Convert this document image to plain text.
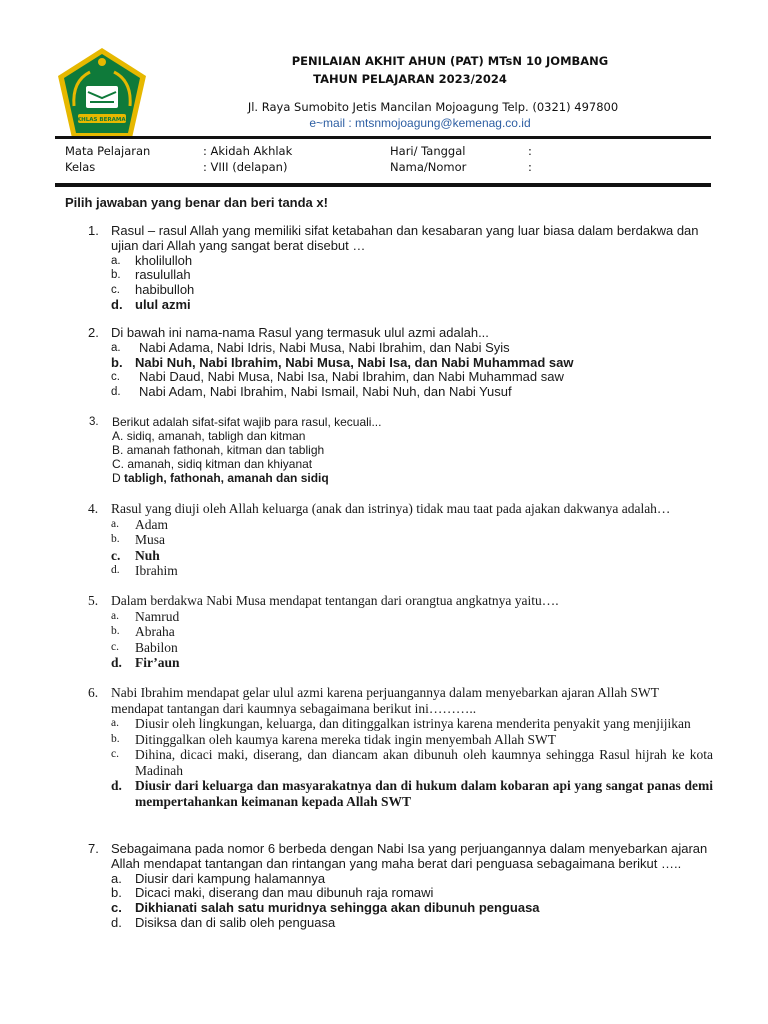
IKHLAS BERAMAL
PENILAIAN AKHIT AHUN (PAT) MTsN 10 JOMBANG
TAHUN PELAJARAN 2023/2024
Jl. Raya Sumobito Jetis Mancilan Mojoagung Telp. (0321) 497800
e~mail : mtsnmojoagung@kemenag.co.id
Mata Pelajaran	: Akidah Akhlak	Hari/ Tanggal	:
Kelas	: VIII (delapan)	Nama/Nomor	:
Pilih jawaban yang benar dan beri tanda x!
1. Rasul – rasul Allah yang memiliki sifat ketabahan dan kesabaran yang luar biasa dalam berdakwa dan ujian dari Allah yang sangat berat disebut …
a. kholilulloh
b. rasulullah
c. habibulloh
d. ulul azmi
2. Di bawah ini nama-nama Rasul yang termasuk ulul azmi adalah...
a. Nabi Adama, Nabi Idris, Nabi Musa, Nabi Ibrahim, dan Nabi Syis
b. Nabi Nuh, Nabi Ibrahim, Nabi Musa, Nabi Isa, dan Nabi Muhammad saw
c. Nabi Daud, Nabi Musa, Nabi Isa, Nabi Ibrahim, dan Nabi Muhammad saw
d. Nabi Adam, Nabi Ibrahim, Nabi Ismail, Nabi Nuh, dan Nabi Yusuf
3. Berikut adalah sifat-sifat wajib para rasul, kecuali...
A. sidiq, amanah, tabligh dan kitman
B. amanah fathonah, kitman dan tabligh
C. amanah, sidiq kitman dan khiyanat
D tabligh, fathonah, amanah dan sidiq
4. Rasul yang diuji oleh Allah keluarga (anak dan istrinya) tidak mau taat pada ajakan dakwanya adalah…
a. Adam
b. Musa
c. Nuh
d. Ibrahim
5. Dalam berdakwa Nabi Musa mendapat tentangan dari orangtua angkatnya yaitu….
a. Namrud
b. Abraha
c. Babilon
d. Fir’aun
6. Nabi Ibrahim mendapat gelar ulul azmi karena perjuangannya dalam menyebarkan ajaran Allah SWT mendapat tantangan dari kaumnya sebagaimana berikut ini………..
a. Diusir oleh lingkungan, keluarga, dan ditinggalkan istrinya karena menderita penyakit yang menjijikan
b. Ditinggalkan oleh kaumya karena mereka tidak ingin menyembah Allah SWT
c. Dihina, dicaci maki, diserang, dan diancam akan dibunuh oleh kaumnya sehingga Rasul hijrah ke kota Madinah
d. Diusir dari keluarga dan masyarakatnya dan di hukum dalam kobaran api yang sangat panas demi mempertahankan keimanan kepada Allah SWT
7. Sebagaimana pada nomor 6 berbeda dengan Nabi Isa yang perjuangannya dalam menyebarkan ajaran Allah mendapat tantangan dan rintangan yang maha berat dari penguasa sebagaimana berikut …..
a. Diusir dari kampung halamannya
b. Dicaci maki, diserang dan mau dibunuh raja romawi
c. Dikhianati salah satu muridnya sehingga akan dibunuh penguasa
d. Disiksa dan di salib oleh penguasa
